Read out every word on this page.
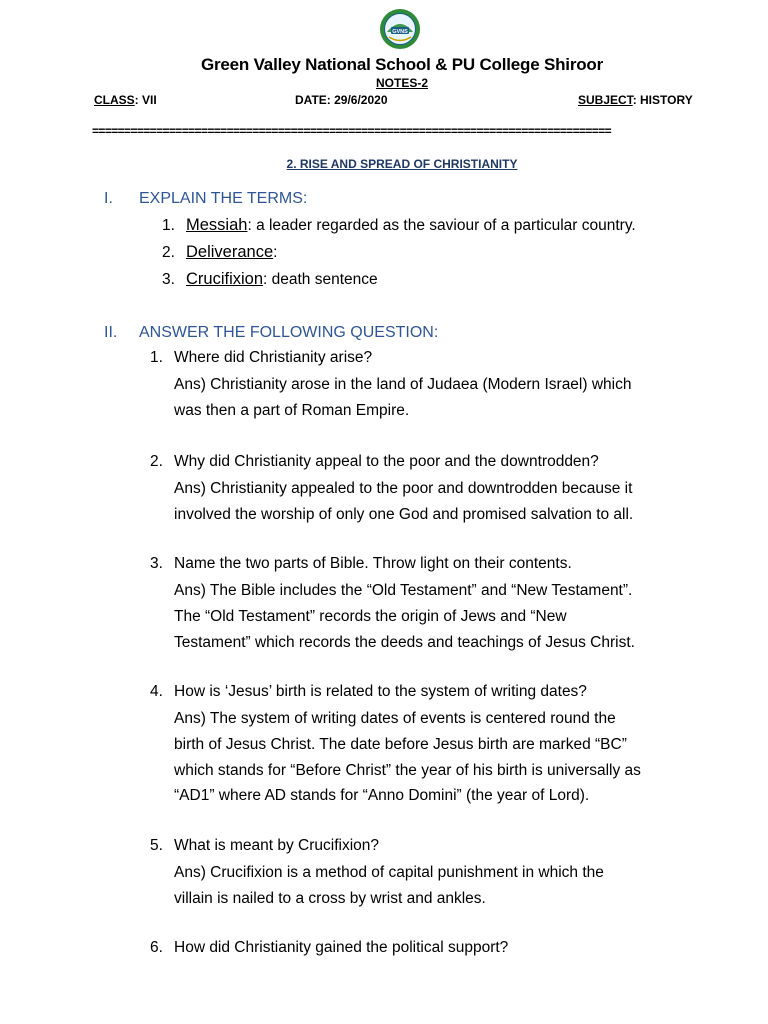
GVNS
Green Valley National School & PU College Shiroor
NOTES-2
CLASS: VII	DATE: 29/6/2020	SUBJECT: HISTORY
=================================================================================
2. RISE AND SPREAD OF CHRISTIANITY
I. EXPLAIN THE TERMS:
1. Messiah: a leader regarded as the saviour of a particular country.
2. Deliverance:
3. Crucifixion: death sentence
II. ANSWER THE FOLLOWING QUESTION:
1. Where did Christianity arise?
Ans) Christianity arose in the land of Judaea (Modern Israel) which
was then a part of Roman Empire.
2. Why did Christianity appeal to the poor and the downtrodden?
Ans) Christianity appealed to the poor and downtrodden because it
involved the worship of only one God and promised salvation to all.
3. Name the two parts of Bible. Throw light on their contents.
Ans) The Bible includes the “Old Testament” and “New Testament”.
The “Old Testament” records the origin of Jews and “New
Testament” which records the deeds and teachings of Jesus Christ.
4. How is ‘Jesus’ birth is related to the system of writing dates?
Ans) The system of writing dates of events is centered round the
birth of Jesus Christ. The date before Jesus birth are marked “BC”
which stands for “Before Christ” the year of his birth is universally as
“AD1” where AD stands for “Anno Domini” (the year of Lord).
5. What is meant by Crucifixion?
Ans) Crucifixion is a method of capital punishment in which the
villain is nailed to a cross by wrist and ankles.
6. How did Christianity gained the political support?
